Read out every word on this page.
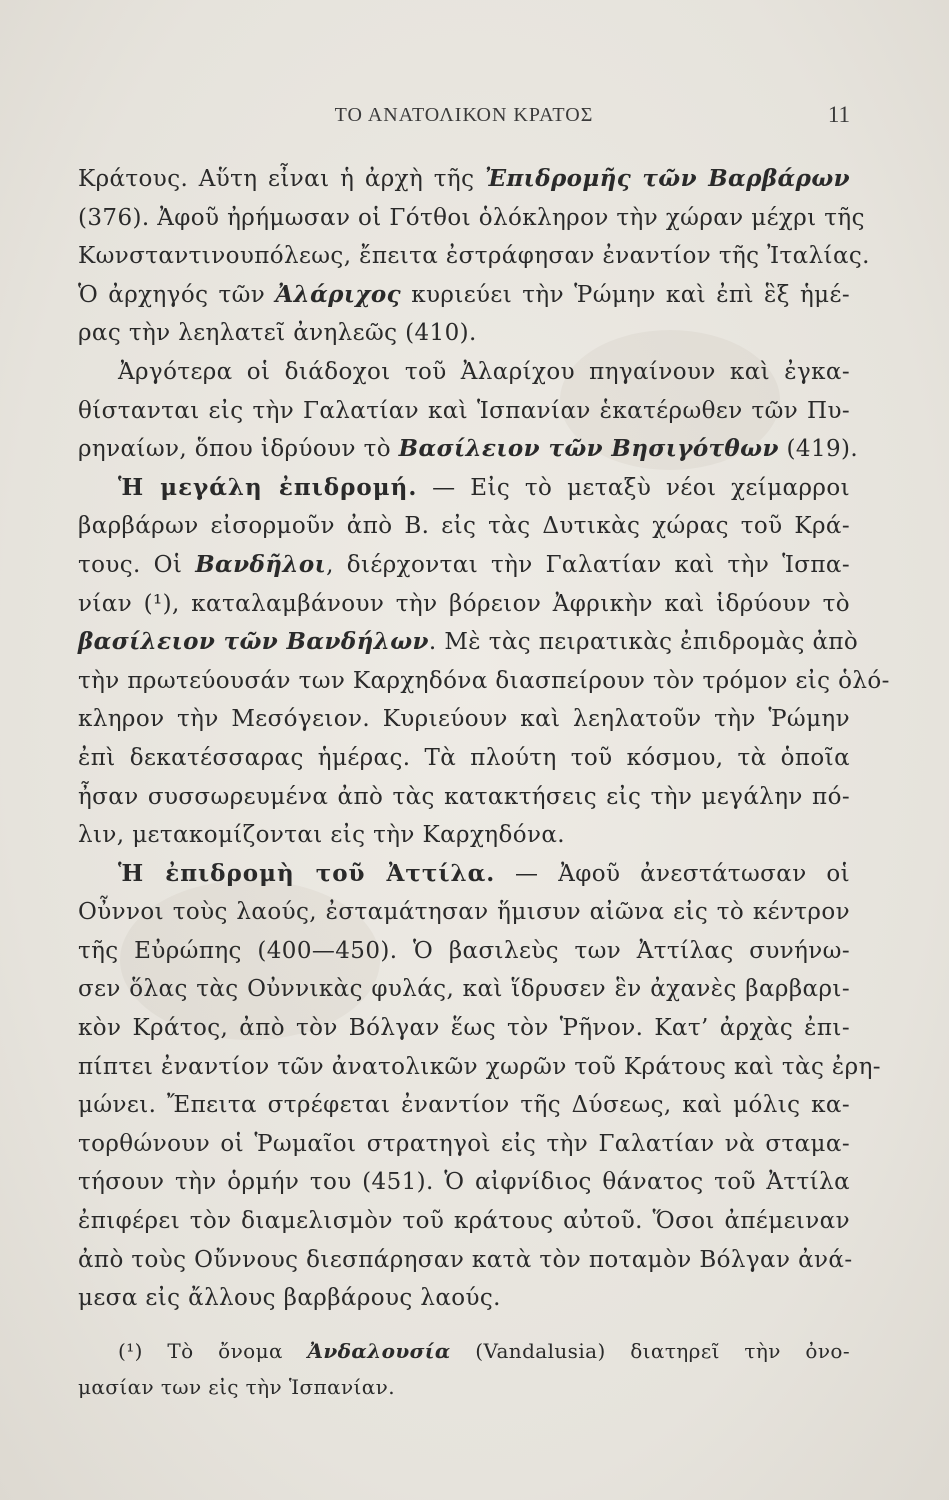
ΤΟ ΑΝΑΤΟΛΙΚΟΝ ΚΡΑΤΟΣ	11
Κράτους. Αὕτη εἶναι ἡ ἀρχὴ τῆς Ἐπιδρομῆς τῶν Βαρβάρων
(376). Ἀφοῦ ἠρήμωσαν οἱ Γότθοι ὁλόκληρον τὴν χώραν μέχρι τῆς
Κωνσταντινουπόλεως, ἔπειτα ἐστράφησαν ἐναντίον τῆς Ἰταλίας.
Ὁ ἀρχηγός τῶν Ἀλάριχος κυριεύει τὴν Ῥώμην καὶ ἐπὶ ἓξ ἡμέ-
ρας τὴν λεηλατεῖ ἀνηλεῶς (410).
Ἀργότερα οἱ διάδοχοι τοῦ Ἀλαρίχου πηγαίνουν καὶ ἐγκα-
θίστανται εἰς τὴν Γαλατίαν καὶ Ἱσπανίαν ἑκατέρωθεν τῶν Πυ-
ρηναίων, ὅπου ἱδρύουν τὸ Βασίλειον τῶν Βησιγότθων (419).
Ἡ μεγάλη ἐπιδρομή. — Εἰς τὸ μεταξὺ νέοι χείμαρροι
βαρβάρων εἰσορμοῦν ἀπὸ Β. εἰς τὰς Δυτικὰς χώρας τοῦ Κρά-
τους. Οἱ Βανδῆλοι, διέρχονται τὴν Γαλατίαν καὶ τὴν Ἱσπα-
νίαν (¹), καταλαμβάνουν τὴν βόρειον Ἀφρικὴν καὶ ἱδρύουν τὸ
βασίλειον τῶν Βανδήλων. Μὲ τὰς πειρατικὰς ἐπιδρομὰς ἀπὸ
τὴν πρωτεύουσάν των Καρχηδόνα διασπείρουν τὸν τρόμον εἰς ὁλό-
κληρον τὴν Μεσόγειον. Κυριεύουν καὶ λεηλατοῦν τὴν Ῥώμην
ἐπὶ δεκατέσσαρας ἡμέρας. Τὰ πλούτη τοῦ κόσμου, τὰ ὁποῖα
ἦσαν συσσωρευμένα ἀπὸ τὰς κατακτήσεις εἰς τὴν μεγάλην πό-
λιν, μετακομίζονται εἰς τὴν Καρχηδόνα.
Ἡ ἐπιδρομὴ τοῦ Ἀττίλα. — Ἀφοῦ ἀνεστάτωσαν οἱ
Οὖννοι τοὺς λαούς, ἐσταμάτησαν ἥμισυν αἰῶνα εἰς τὸ κέντρον
τῆς Εὐρώπης (400—450). Ὁ βασιλεὺς των Ἀττίλας συνήνω-
σεν ὅλας τὰς Οὐννικὰς φυλάς, καὶ ἵδρυσεν ἓν ἀχανὲς βαρβαρι-
κὸν Κράτος, ἀπὸ τὸν Βόλγαν ἕως τὸν Ῥῆνον. Κατ’ ἀρχὰς ἐπι-
πίπτει ἐναντίον τῶν ἀνατολικῶν χωρῶν τοῦ Κράτους καὶ τὰς ἐρη-
μώνει. Ἔπειτα στρέφεται ἐναντίον τῆς Δύσεως, καὶ μόλις κα-
τορθώνουν οἱ Ῥωμαῖοι στρατηγοὶ εἰς τὴν Γαλατίαν νὰ σταμα-
τήσουν τὴν ὁρμήν του (451). Ὁ αἰφνίδιος θάνατος τοῦ Ἀττίλα
ἐπιφέρει τὸν διαμελισμὸν τοῦ κράτους αὐτοῦ. Ὅσοι ἀπέμειναν
ἀπὸ τοὺς Οὔννους διεσπάρησαν κατὰ τὸν ποταμὸν Βόλγαν ἀνά-
μεσα εἰς ἄλλους βαρβάρους λαούς.
(¹) Τὸ ὄνομα Ἀνδαλουσία (Vandalusia) διατηρεῖ τὴν ὀνο-
μασίαν των εἰς τὴν Ἱσπανίαν.
